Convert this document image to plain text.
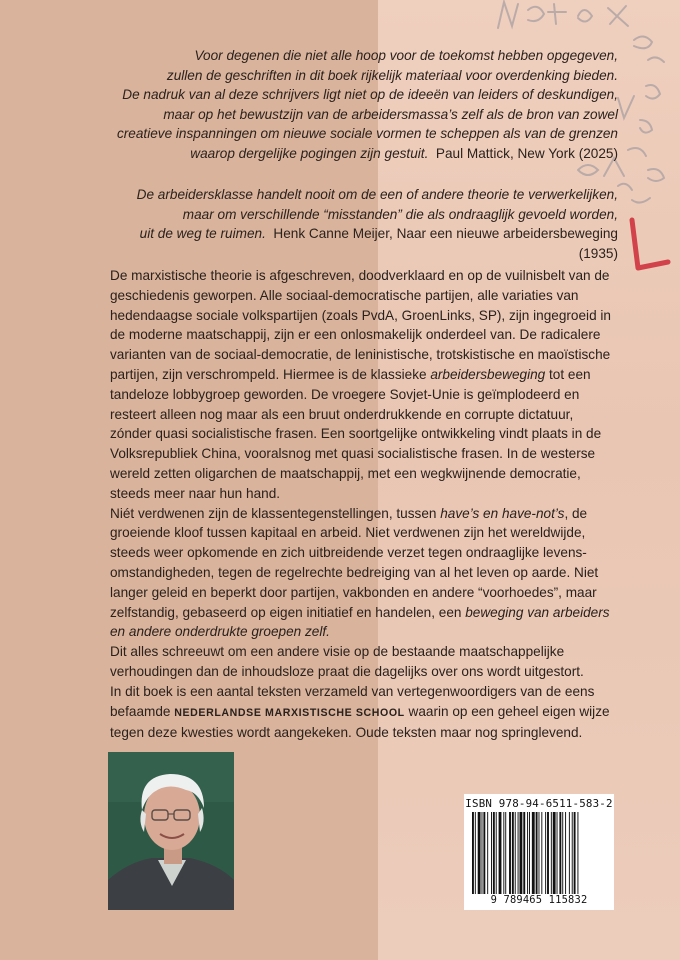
Voor degenen die niet alle hoop voor de toekomst hebben opgegeven,
zullen de geschriften in dit boek rijkelijk materiaal voor overdenking bieden.
De nadruk van al deze schrijvers ligt niet op de ideeën van leiders of deskundigen,
maar op het bewustzijn van de arbeidersmassa’s zelf als de bron van zowel
creatieve inspanningen om nieuwe sociale vormen te scheppen als van de grenzen
waarop dergelijke pogingen zijn gestuit. Paul Mattick, New York (2025)
De arbeidersklasse handelt nooit om de een of andere theorie te verwerkelijken,
maar om verschillende “misstanden” die als ondraaglijk gevoeld worden,
uit de weg te ruimen. Henk Canne Meijer, Naar een nieuwe arbeidersbeweging (1935)

De marxistische theorie is afgeschreven, doodverklaard en op de vuilnisbelt van de geschiedenis geworpen. Alle sociaal-democratische partijen, alle variaties van hedendaagse sociale volkspartijen (zoals PvdA, GroenLinks, SP), zijn ingegroeid in de moderne maatschappij, zijn er een onlosmakelijk onderdeel van. De radicalere varianten van de sociaal-democratie, de leninistische, trotskistische en maoïstische partijen, zijn verschrompeld. Hiermee is de klassieke arbeidersbeweging tot een tandeloze lobbygroep geworden. De vroegere Sovjet-Unie is geïmplodeerd en resteert alleen nog maar als een bruut onderdrukkende en corrupte dictatuur, zónder quasi socialistische frasen. Een soortgelijke ontwikkeling vindt plaats in de Volksrepubliek China, vooralsnog met quasi socialistische frasen. In de westerse wereld zetten oligarchen de maatschappij, met een wegkwijnende democratie, steeds meer naar hun hand.

Niét verdwenen zijn de klassentegenstellingen, tussen have’s en have-not’s, de groeiende kloof tussen kapitaal en arbeid. Niet verdwenen zijn het wereldwijde, steeds weer opkomende en zich uitbreidende verzet tegen ondraaglijke levens-omstandigheden, tegen de regelrechte bedreiging van al het leven op aarde. Niet langer geleid en beperkt door partijen, vakbonden en andere “voorhoedes”, maar zelfstandig, gebaseerd op eigen initiatief en handelen, een beweging van arbeiders en andere onderdrukte groepen zelf.

Dit alles schreeuwt om een andere visie op de bestaande maatschappelijke verhoudingen dan de inhoudsloze praat die dagelijks over ons wordt uitgestort.

In dit boek is een aantal teksten verzameld van vertegenwoordigers van de eens befaamde NEDERLANDSE MARXISTISCHE SCHOOL waarin op een geheel eigen wijze tegen deze kwesties wordt aangekeken. Oude teksten maar nog springlevend.

ISBN 978-94-6511-583-2
9 789465 115832
